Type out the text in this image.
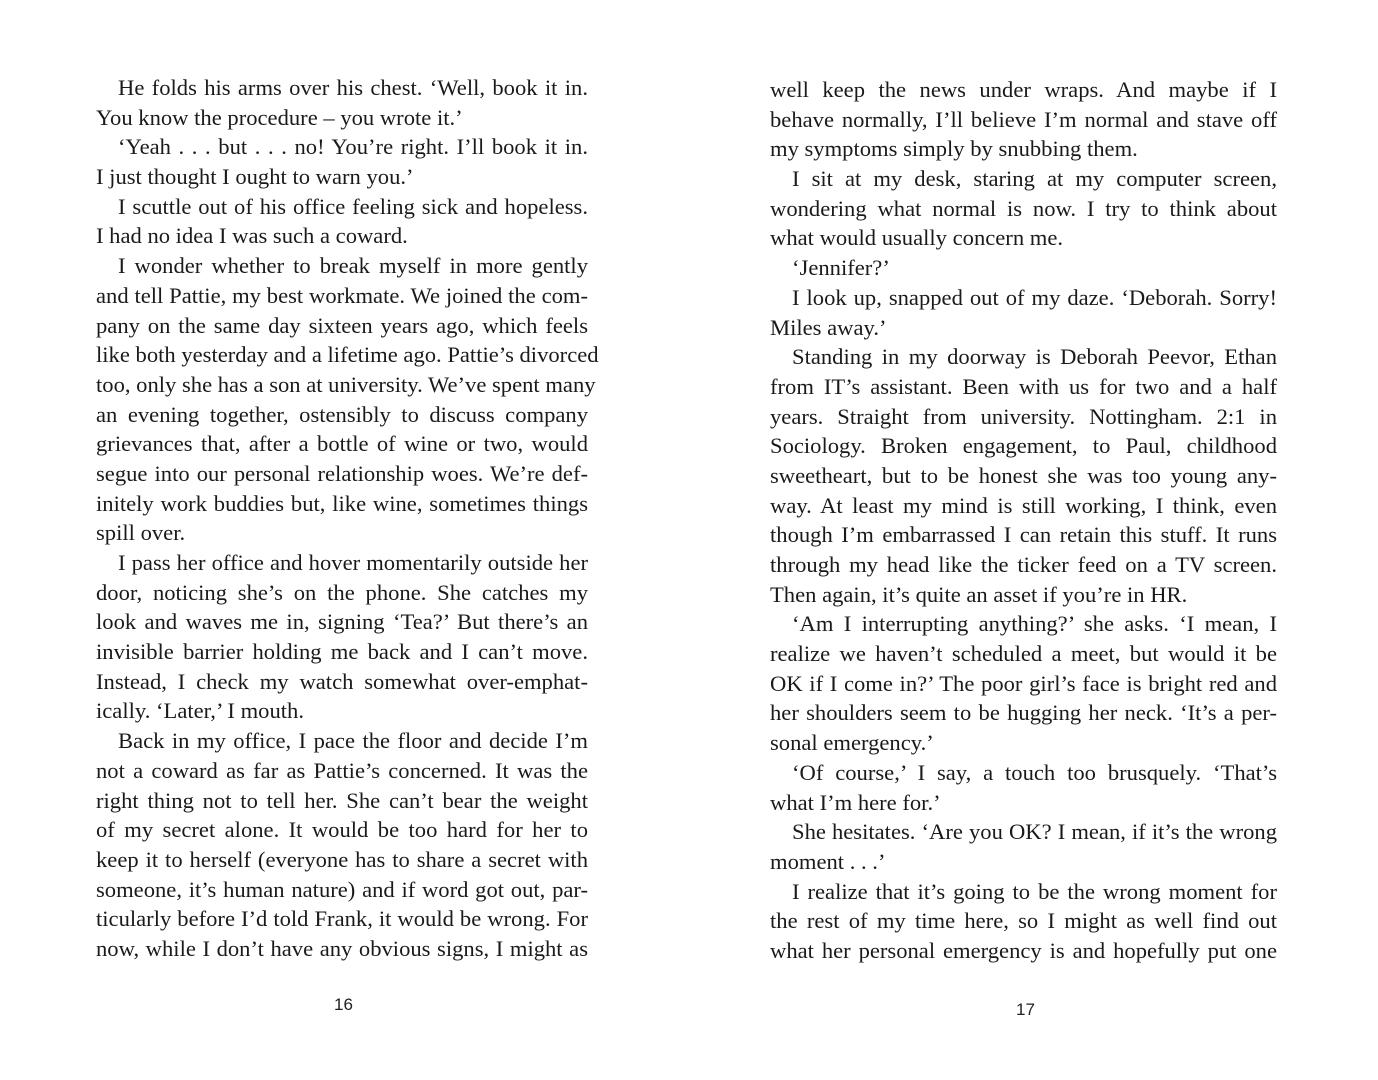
He folds his arms over his chest. ‘Well, book it in.
You know the procedure – you wrote it.’
‘Yeah . . . but . . . no! You’re right. I’ll book it in.
I just thought I ought to warn you.’
I scuttle out of his office feeling sick and hopeless.
I had no idea I was such a coward.
I wonder whether to break myself in more gently
and tell Pattie, my best workmate. We joined the com-
pany on the same day sixteen years ago, which feels
like both yesterday and a lifetime ago. Pattie’s divorced
too, only she has a son at university. We’ve spent many
an evening together, ostensibly to discuss company
grievances that, after a bottle of wine or two, would
segue into our personal relationship woes. We’re def-
initely work buddies but, like wine, sometimes things
spill over.
I pass her office and hover momentarily outside her
door, noticing she’s on the phone. She catches my
look and waves me in, signing ‘Tea?’ But there’s an
invisible barrier holding me back and I can’t move.
Instead, I check my watch somewhat over-emphat-
ically. ‘Later,’ I mouth.
Back in my office, I pace the floor and decide I’m
not a coward as far as Pattie’s concerned. It was the
right thing not to tell her. She can’t bear the weight
of my secret alone. It would be too hard for her to
keep it to herself (everyone has to share a secret with
someone, it’s human nature) and if word got out, par-
ticularly before I’d told Frank, it would be wrong. For
now, while I don’t have any obvious signs, I might as
well keep the news under wraps. And maybe if I
behave normally, I’ll believe I’m normal and stave off
my symptoms simply by snubbing them.
I sit at my desk, staring at my computer screen,
wondering what normal is now. I try to think about
what would usually concern me.
‘Jennifer?’
I look up, snapped out of my daze. ‘Deborah. Sorry!
Miles away.’
Standing in my doorway is Deborah Peevor, Ethan
from IT’s assistant. Been with us for two and a half
years. Straight from university. Nottingham. 2:1 in
Sociology. Broken engagement, to Paul, childhood
sweetheart, but to be honest she was too young any-
way. At least my mind is still working, I think, even
though I’m embarrassed I can retain this stuff. It runs
through my head like the ticker feed on a TV screen.
Then again, it’s quite an asset if you’re in HR.
‘Am I interrupting anything?’ she asks. ‘I mean, I
realize we haven’t scheduled a meet, but would it be
OK if I come in?’ The poor girl’s face is bright red and
her shoulders seem to be hugging her neck. ‘It’s a per-
sonal emergency.’
‘Of course,’ I say, a touch too brusquely. ‘That’s
what I’m here for.’
She hesitates. ‘Are you OK? I mean, if it’s the wrong
moment . . .’
I realize that it’s going to be the wrong moment for
the rest of my time here, so I might as well find out
what her personal emergency is and hopefully put one
16	17
